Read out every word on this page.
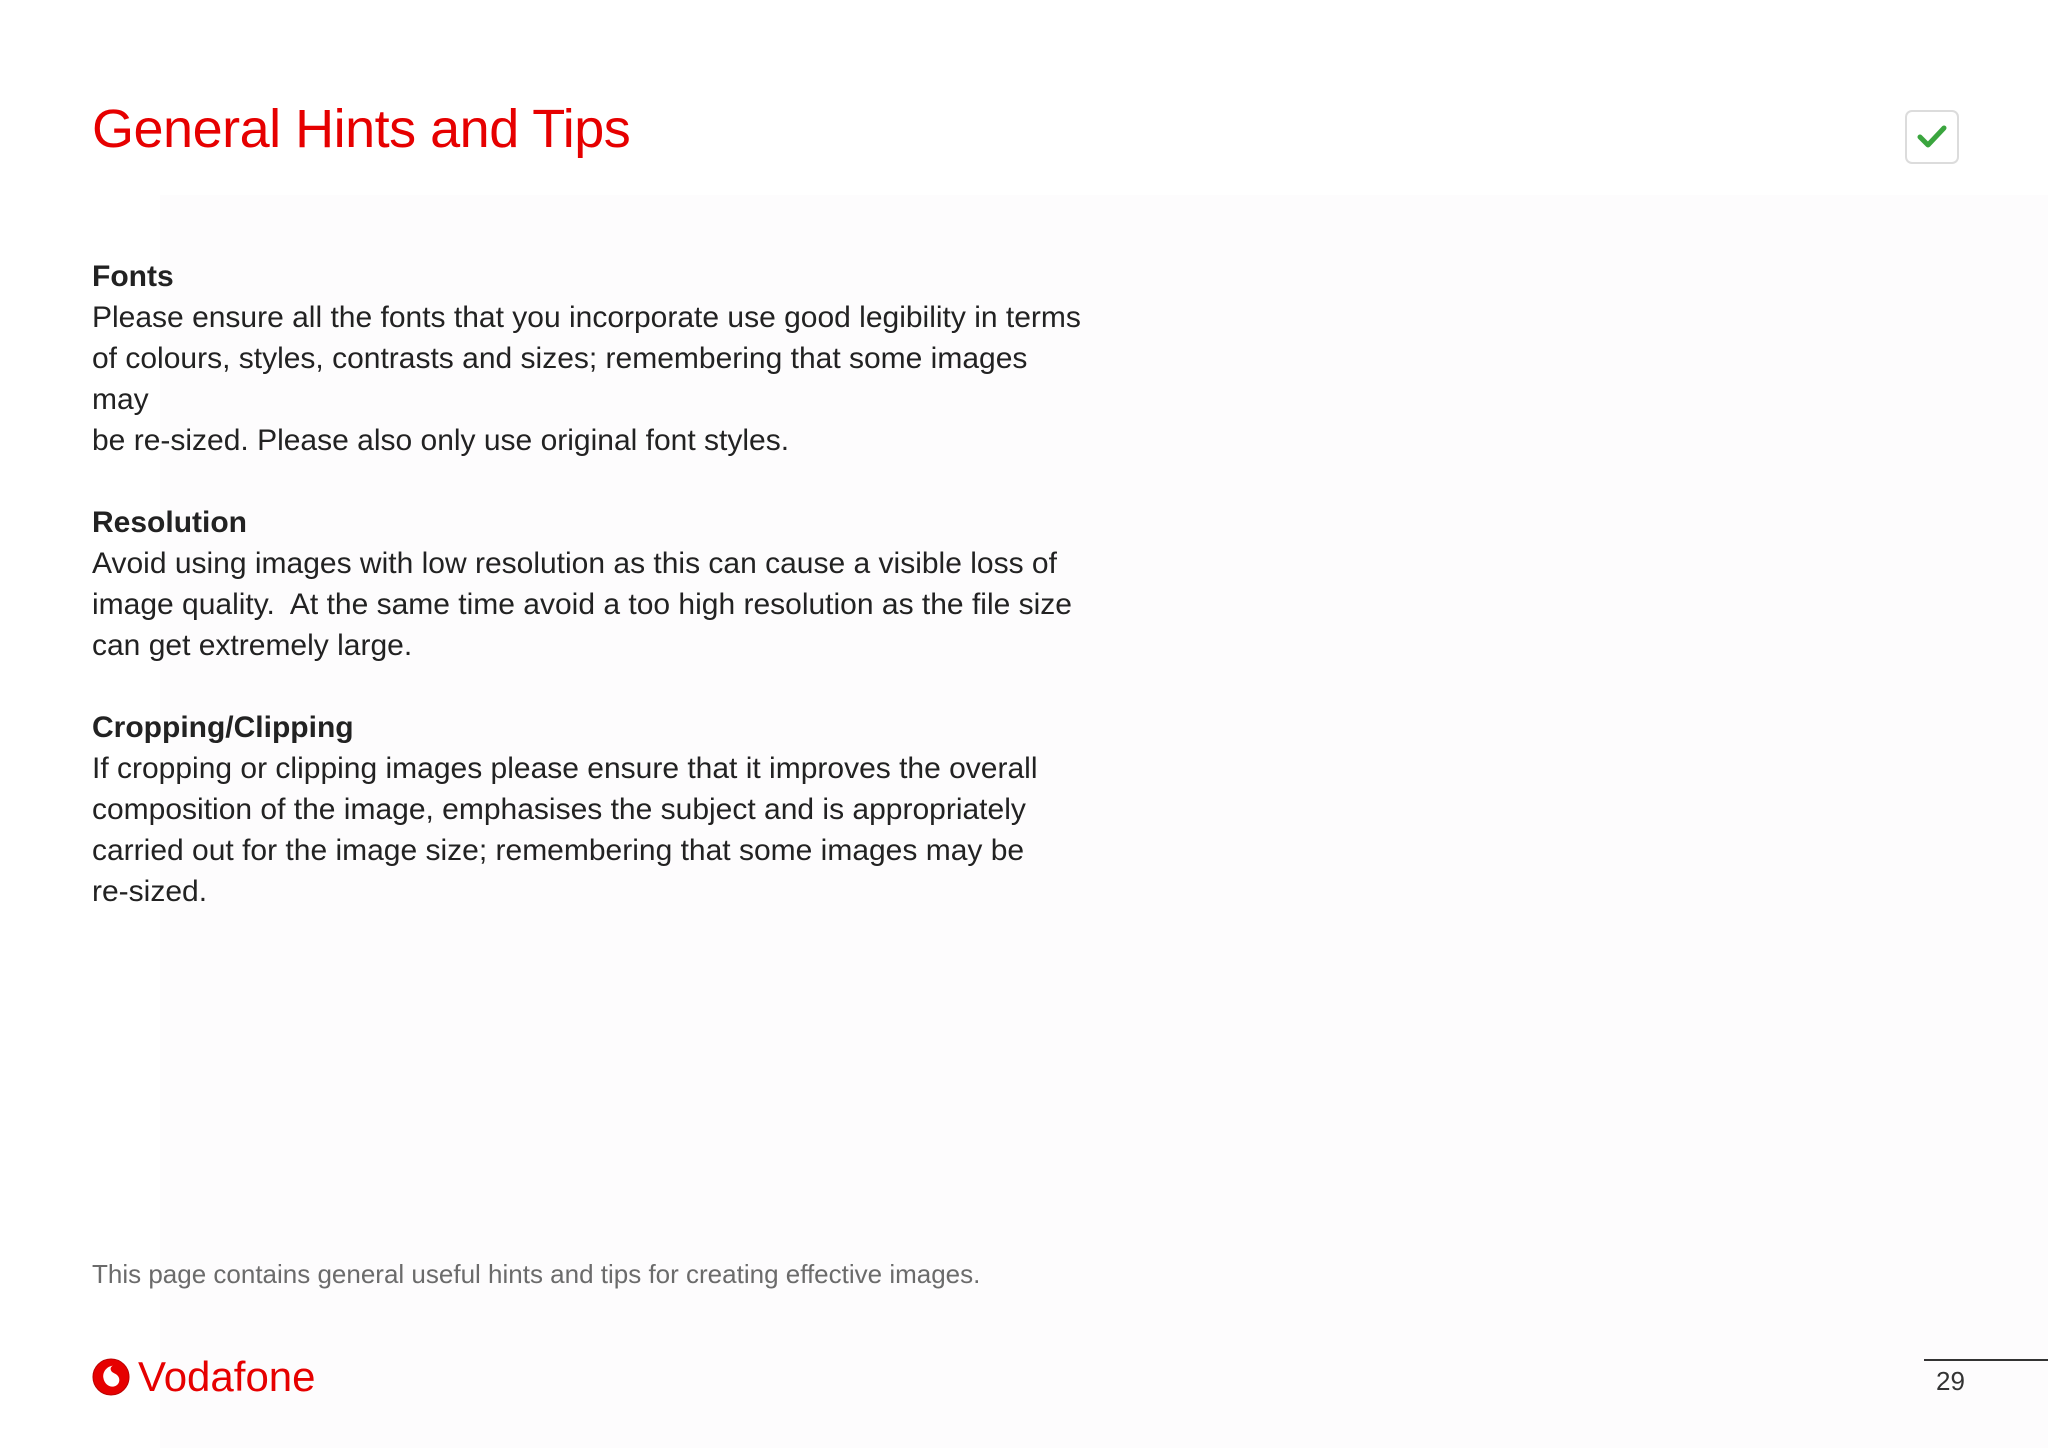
General Hints and Tips

Fonts

Please ensure all the fonts that you incorporate use good legibility in terms
of colours, styles, contrasts and sizes; remembering that some images may
be re-sized. Please also only use original font styles.

Resolution

Avoid using images with low resolution as this can cause a visible loss of
image quality.  At the same time avoid a too high resolution as the file size
can get extremely large.

Cropping/Clipping

If cropping or clipping images please ensure that it improves the overall
composition of the image, emphasises the subject and is appropriately
carried out for the image size; remembering that some images may be
re-sized.

This page contains general useful hints and tips for creating effective images.

Vodafone	29
